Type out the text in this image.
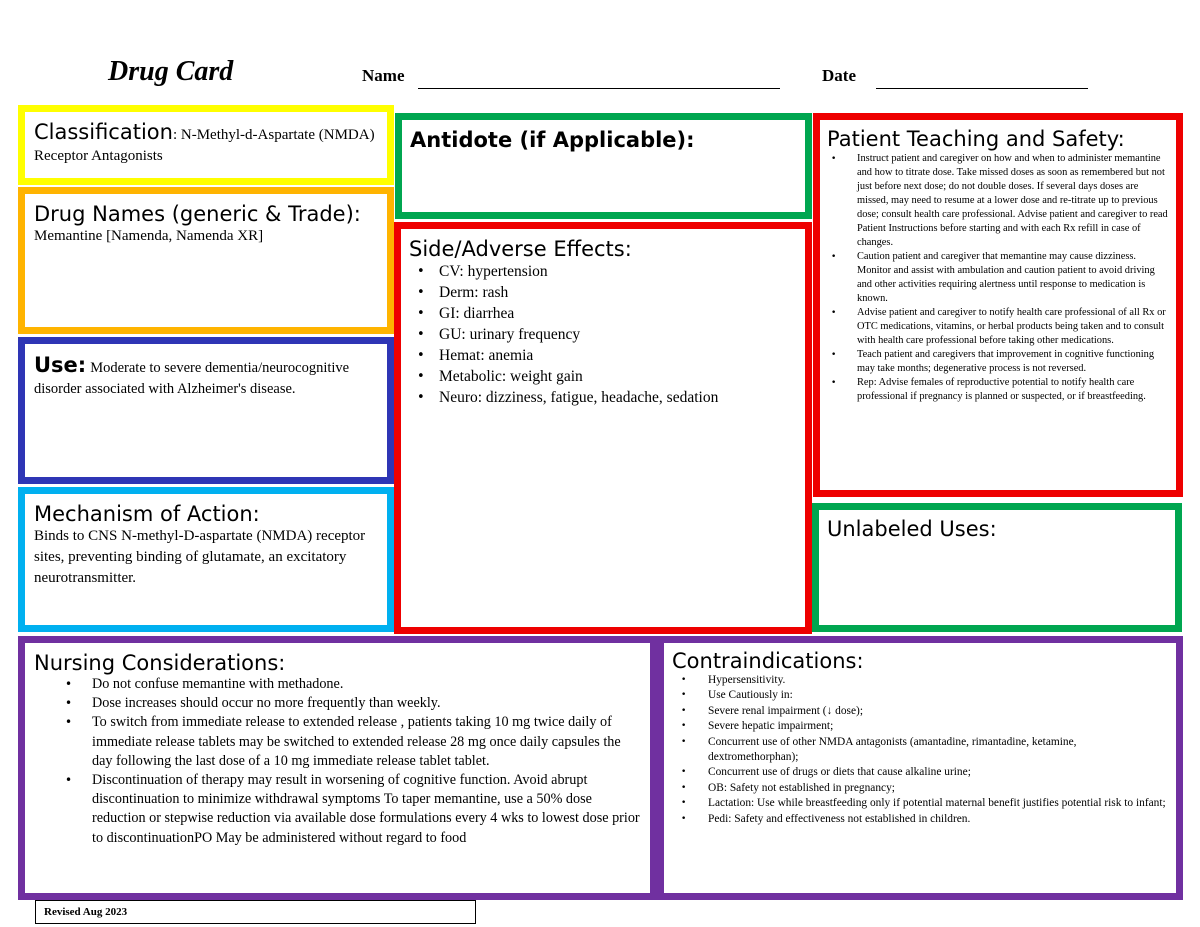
Drug Card	Name	Date
Classification: N-Methyl-d-Aspartate (NMDA) Receptor Antagonists
Drug Names (generic & Trade):
Memantine [Namenda, Namenda XR]
Use: Moderate to severe dementia/neurocognitive disorder associated with Alzheimer's disease.
Mechanism of Action:
Binds to CNS N-methyl-D-aspartate (NMDA) receptor sites, preventing binding of glutamate, an excitatory neurotransmitter.
Antidote (if Applicable):
Side/Adverse Effects:
• CV: hypertension
• Derm: rash
• GI: diarrhea
• GU: urinary frequency
• Hemat: anemia
• Metabolic: weight gain
• Neuro: dizziness, fatigue, headache, sedation
Patient Teaching and Safety:
• Instruct patient and caregiver on how and when to administer memantine and how to titrate dose. Take missed doses as soon as remembered but not just before next dose; do not double doses. If several days doses are missed, may need to resume at a lower dose and re-titrate up to previous dose; consult health care professional. Advise patient and caregiver to read Patient Instructions before starting and with each Rx refill in case of changes.
• Caution patient and caregiver that memantine may cause dizziness. Monitor and assist with ambulation and caution patient to avoid driving and other activities requiring alertness until response to medication is known.
• Advise patient and caregiver to notify health care professional of all Rx or OTC medications, vitamins, or herbal products being taken and to consult with health care professional before taking other medications.
• Teach patient and caregivers that improvement in cognitive functioning may take months; degenerative process is not reversed.
• Rep: Advise females of reproductive potential to notify health care professional if pregnancy is planned or suspected, or if breastfeeding.
Unlabeled Uses:
Nursing Considerations:
• Do not confuse memantine with methadone.
• Dose increases should occur no more frequently than weekly.
• To switch from immediate release to extended release , patients taking 10 mg twice daily of immediate release tablets may be switched to extended release 28 mg once daily capsules the day following the last dose of a 10 mg immediate release tablet tablet.
• Discontinuation of therapy may result in worsening of cognitive function. Avoid abrupt discontinuation to minimize withdrawal symptoms To taper memantine, use a 50% dose reduction or stepwise reduction via available dose formulations every 4 wks to lowest dose prior to discontinuationPO May be administered without regard to food
Contraindications:
• Hypersensitivity.
• Use Cautiously in:
• Severe renal impairment (↓ dose);
• Severe hepatic impairment;
• Concurrent use of other NMDA antagonists (amantadine, rimantadine, ketamine, dextromethorphan);
• Concurrent use of drugs or diets that cause alkaline urine;
• OB: Safety not established in pregnancy;
• Lactation: Use while breastfeeding only if potential maternal benefit justifies potential risk to infant;
• Pedi: Safety and effectiveness not established in children.
Revised Aug 2023
